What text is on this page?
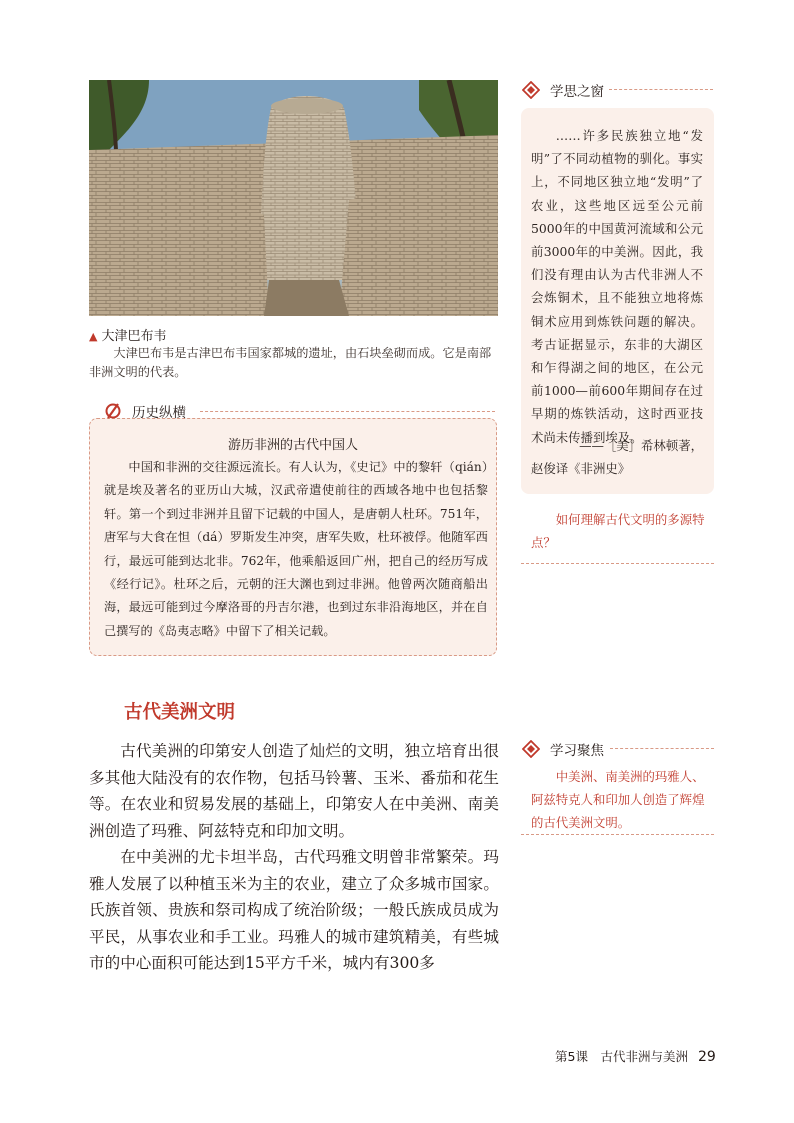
▲ 大津巴布韦
大津巴布韦是古津巴布韦国家都城的遗址，由石块垒砌而成。它是南部非洲文明的代表。
历史纵横
游历非洲的古代中国人
中国和非洲的交往源远流长。有人认为，《史记》中的黎轩（qián）就是埃及著名的亚历山大城，汉武帝遣使前往的西域各地中也包括黎轩。第一个到过非洲并且留下记载的中国人，是唐朝人杜环。751年，唐军与大食在怛（dá）罗斯发生冲突，唐军失败，杜环被俘。他随军西行，最远可能到达北非。762年，他乘船返回广州，把自己的经历写成《经行记》。杜环之后，元朝的汪大渊也到过非洲。他曾两次随商船出海，最远可能到过今摩洛哥的丹吉尔港，也到过东非沿海地区，并在自己撰写的《岛夷志略》中留下了相关记载。
学思之窗
……许多民族独立地“发明”了不同动植物的驯化。事实上，不同地区独立地“发明”了农业，这些地区远至公元前5000年的中国黄河流域和公元前3000年的中美洲。因此，我们没有理由认为古代非洲人不会炼铜术，且不能独立地将炼铜术应用到炼铁问题的解决。考古证据显示，东非的大湖区和乍得湖之间的地区，在公元前1000—前600年期间存在过早期的炼铁活动，这时西亚技术尚未传播到埃及。
——［美］希林顿著，
赵俊译《非洲史》
如何理解古代文明的多源特点？
学习聚焦
中美洲、南美洲的玛雅人、阿兹特克人和印加人创造了辉煌的古代美洲文明。
古代美洲文明

古代美洲的印第安人创造了灿烂的文明，独立培育出很多其他大陆没有的农作物，包括马铃薯、玉米、番茄和花生等。在农业和贸易发展的基础上，印第安人在中美洲、南美洲创造了玛雅、阿兹特克和印加文明。

在中美洲的尤卡坦半岛，古代玛雅文明曾非常繁荣。玛雅人发展了以种植玉米为主的农业，建立了众多城市国家。氏族首领、贵族和祭司构成了统治阶级；一般氏族成员成为平民，从事农业和手工业。玛雅人的城市建筑精美，有些城市的中心面积可能达到15平方千米，城内有300多

第5课　古代非洲与美洲 29
